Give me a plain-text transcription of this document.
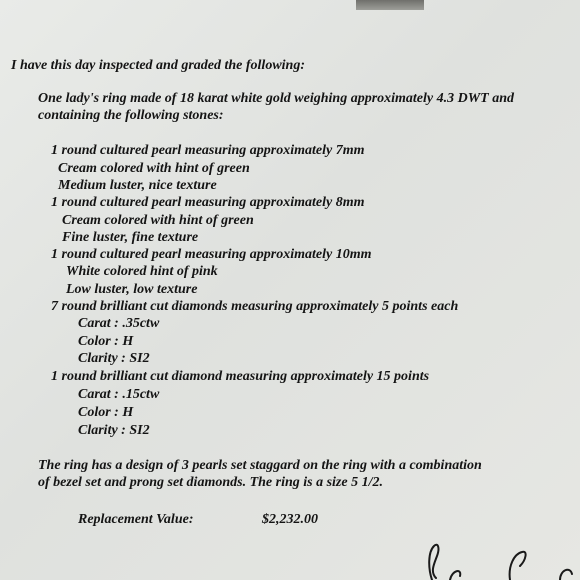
I have this day inspected and graded the following:
One lady's ring made of 18 karat white gold weighing approximately 4.3 DWT and
containing the following stones:
1 round cultured pearl measuring approximately 7mm
Cream colored with hint of green
Medium luster, nice texture
1 round cultured pearl measuring approximately 8mm
Cream colored with hint of green
Fine luster, fine texture
1 round cultured pearl measuring approximately 10mm
White colored hint of pink
Low luster, low texture
7 round brilliant cut diamonds measuring approximately 5 points each
Carat : .35ctw
Color : H
Clarity : SI2
1 round brilliant cut diamond measuring approximately 15 points
Carat : .15ctw
Color : H
Clarity : SI2
The ring has a design of 3 pearls set staggard on the ring with a combination
of bezel set and prong set diamonds. The ring is a size 5 1/2.
Replacement Value:	$2,232.00
